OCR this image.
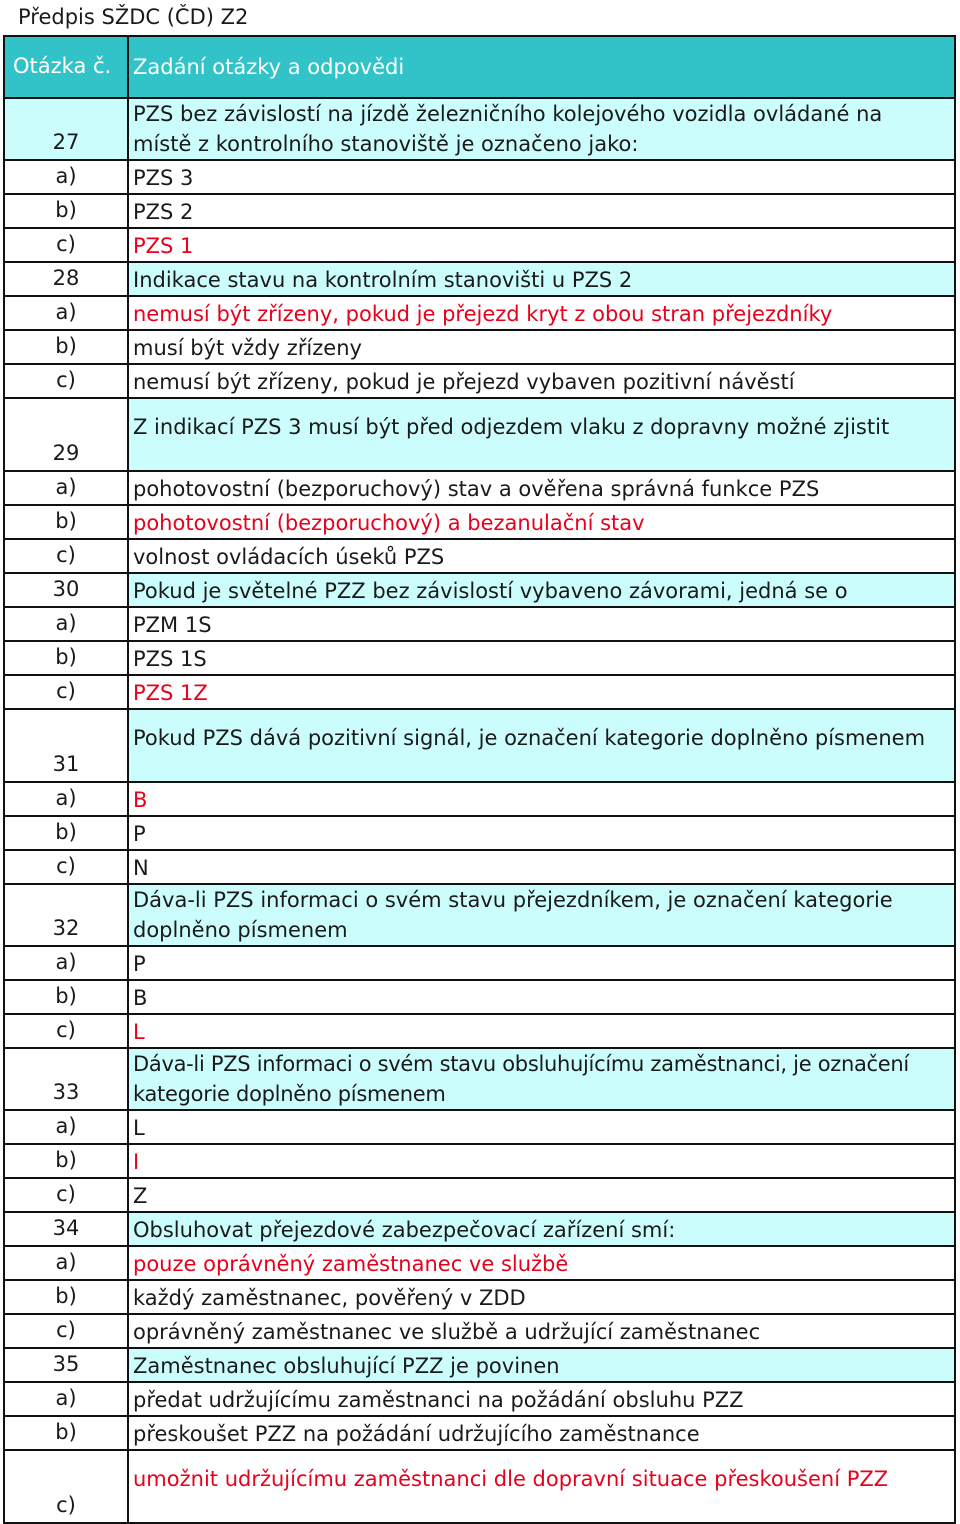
Předpis SŽDC (ČD) Z2
Otázka č.	Zadání otázky a odpovědi
27	PZS bez závislostí na jízdě železničního kolejového vozidla ovládané na místě z kontrolního stanoviště je označeno jako:
a)	PZS 3
b)	PZS 2
c)	PZS 1
28	Indikace stavu na kontrolním stanovišti u PZS 2
a)	nemusí být zřízeny, pokud je přejezd kryt z obou stran přejezdníky
b)	musí být vždy zřízeny
c)	nemusí být zřízeny, pokud je přejezd vybaven pozitivní návěstí
29	Z indikací PZS 3 musí být před odjezdem vlaku z dopravny možné zjistit
a)	pohotovostní (bezporuchový) stav a ověřena správná funkce PZS
b)	pohotovostní (bezporuchový) a bezanulační stav
c)	volnost ovládacích úseků PZS
30	Pokud je světelné PZZ bez závislostí vybaveno závorami, jedná se o
a)	PZM 1S
b)	PZS 1S
c)	PZS 1Z
31	Pokud PZS dává pozitivní signál, je označení kategorie doplněno písmenem
a)	B
b)	P
c)	N
32	Dáva-li PZS informaci o svém stavu přejezdníkem, je označení kategorie doplněno písmenem
a)	P
b)	B
c)	L
33	Dáva-li PZS informaci o svém stavu obsluhujícímu zaměstnanci, je označení kategorie doplněno písmenem
a)	L
b)	I
c)	Z
34	Obsluhovat přejezdové zabezpečovací zařízení smí:
a)	pouze oprávněný zaměstnanec ve službě
b)	každý zaměstnanec, pověřený v ZDD
c)	oprávněný zaměstnanec ve službě a udržující zaměstnanec
35	Zaměstnanec obsluhující PZZ je povinen
a)	předat udržujícímu zaměstnanci na požádání obsluhu PZZ
b)	přeskoušet PZZ na požádání udržujícího zaměstnance
c)	umožnit udržujícímu zaměstnanci dle dopravní situace přeskoušení PZZ
